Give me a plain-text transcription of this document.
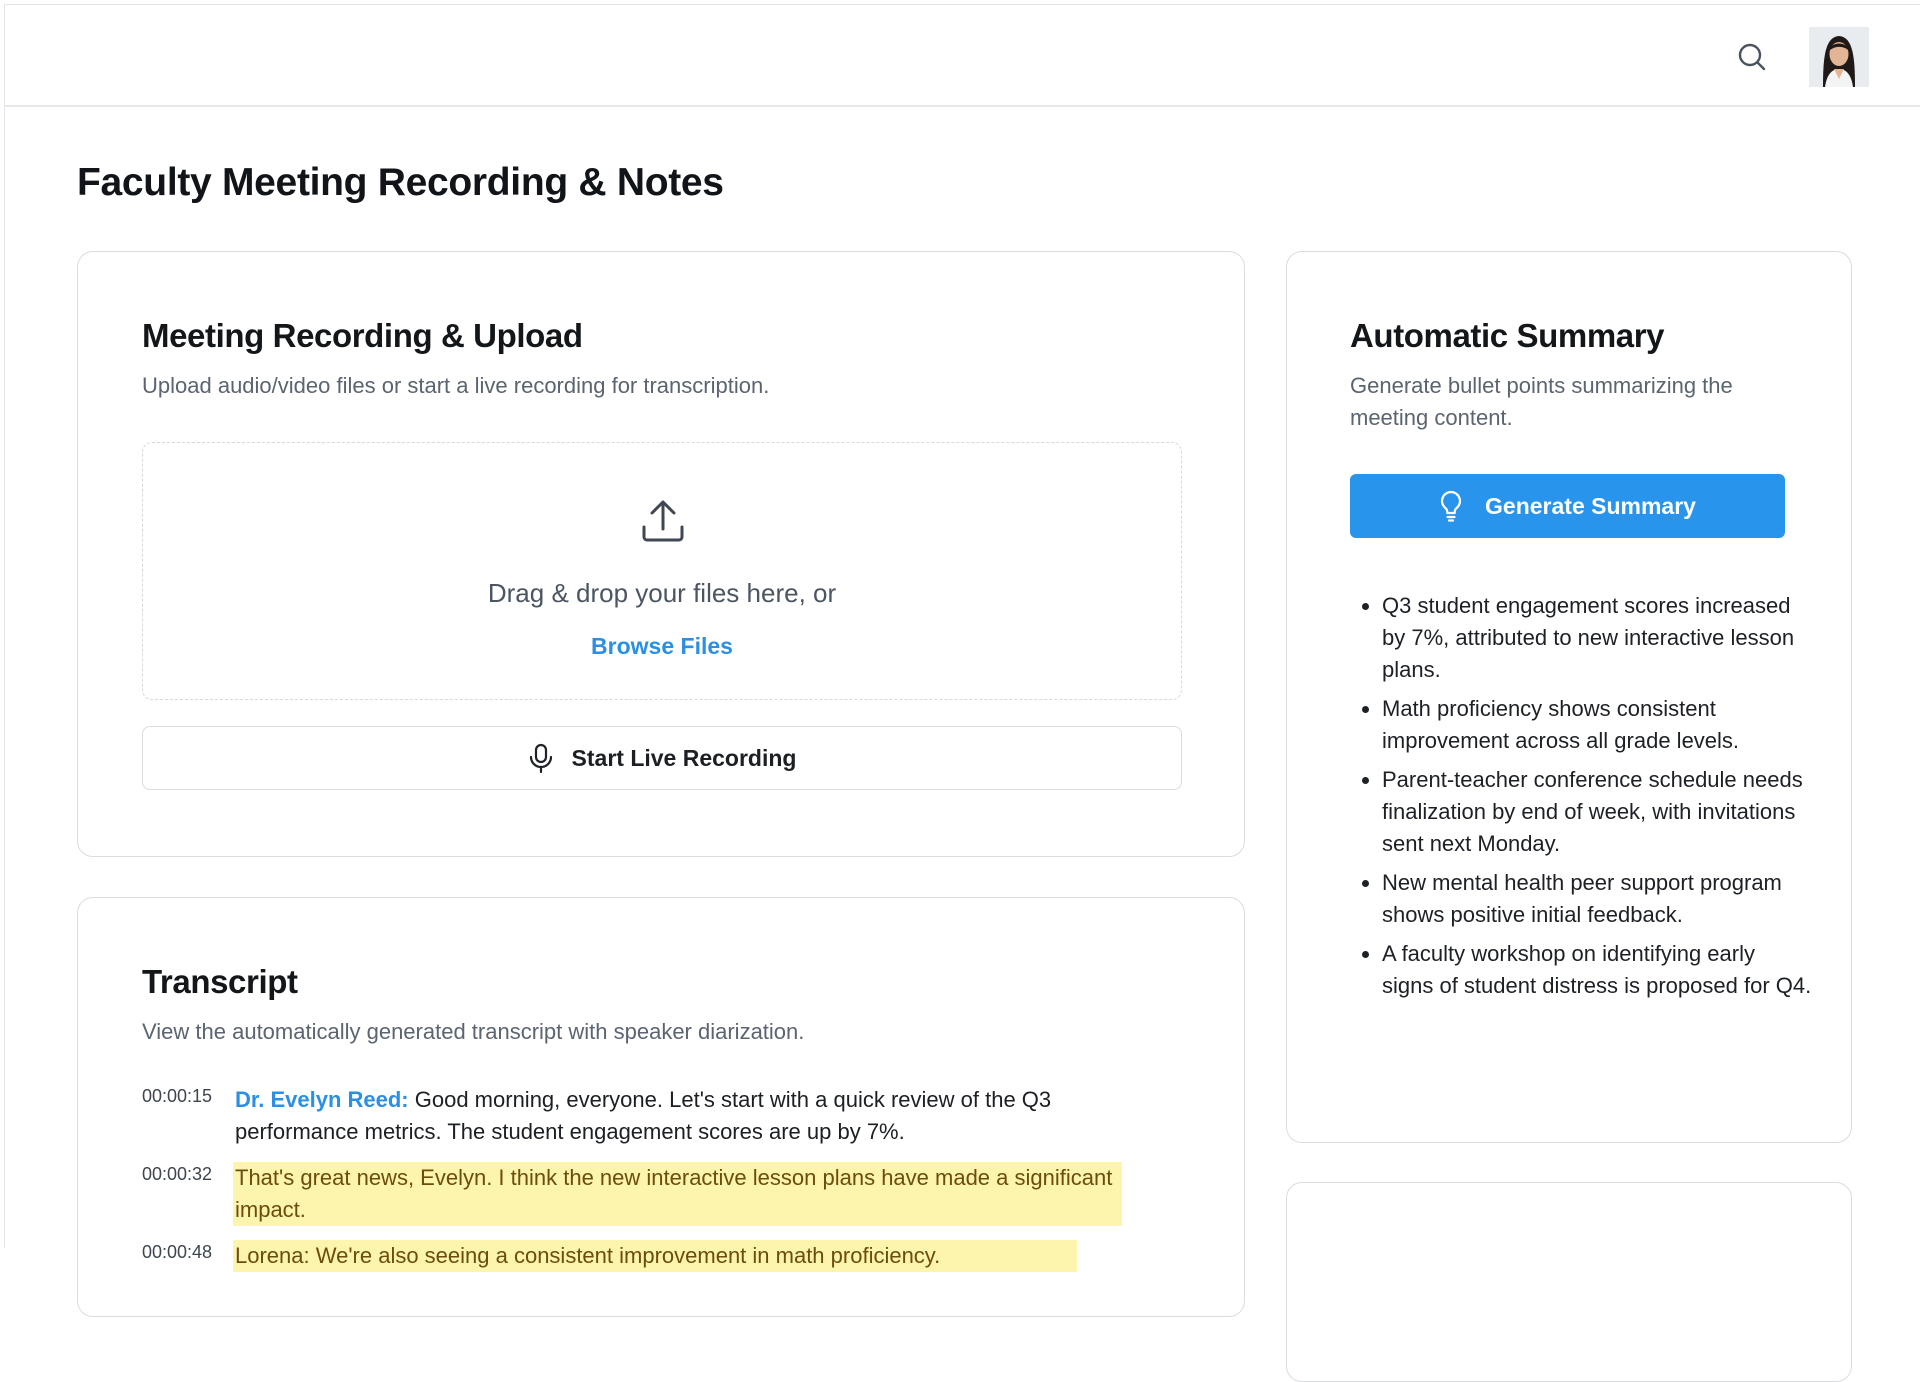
Faculty Meeting Recording & Notes
Meeting Recording & Upload

Upload audio/video files or start a live recording for transcription.

Drag & drop your files here, or
Browse Files
Start Live Recording
Transcript

View the automatically generated transcript with speaker diarization.

00:00:15	Dr. Evelyn Reed: Good morning, everyone. Let's start with a quick review of the Q3 performance metrics. The student engagement scores are up by 7%.
00:00:32	That's great news, Evelyn. I think the new interactive lesson plans have made a significant impact.
00:00:48	Lorena: We're also seeing a consistent improvement in math proficiency.
Automatic Summary

Generate bullet points summarizing the meeting content.

Generate Summary
• Q3 student engagement scores increased by 7%, attributed to new interactive lesson plans.
• Math proficiency shows consistent improvement across all grade levels.
• Parent-teacher conference schedule needs finalization by end of week, with invitations sent next Monday.
• New mental health peer support program shows positive initial feedback.
• A faculty workshop on identifying early signs of student distress is proposed for Q4.
